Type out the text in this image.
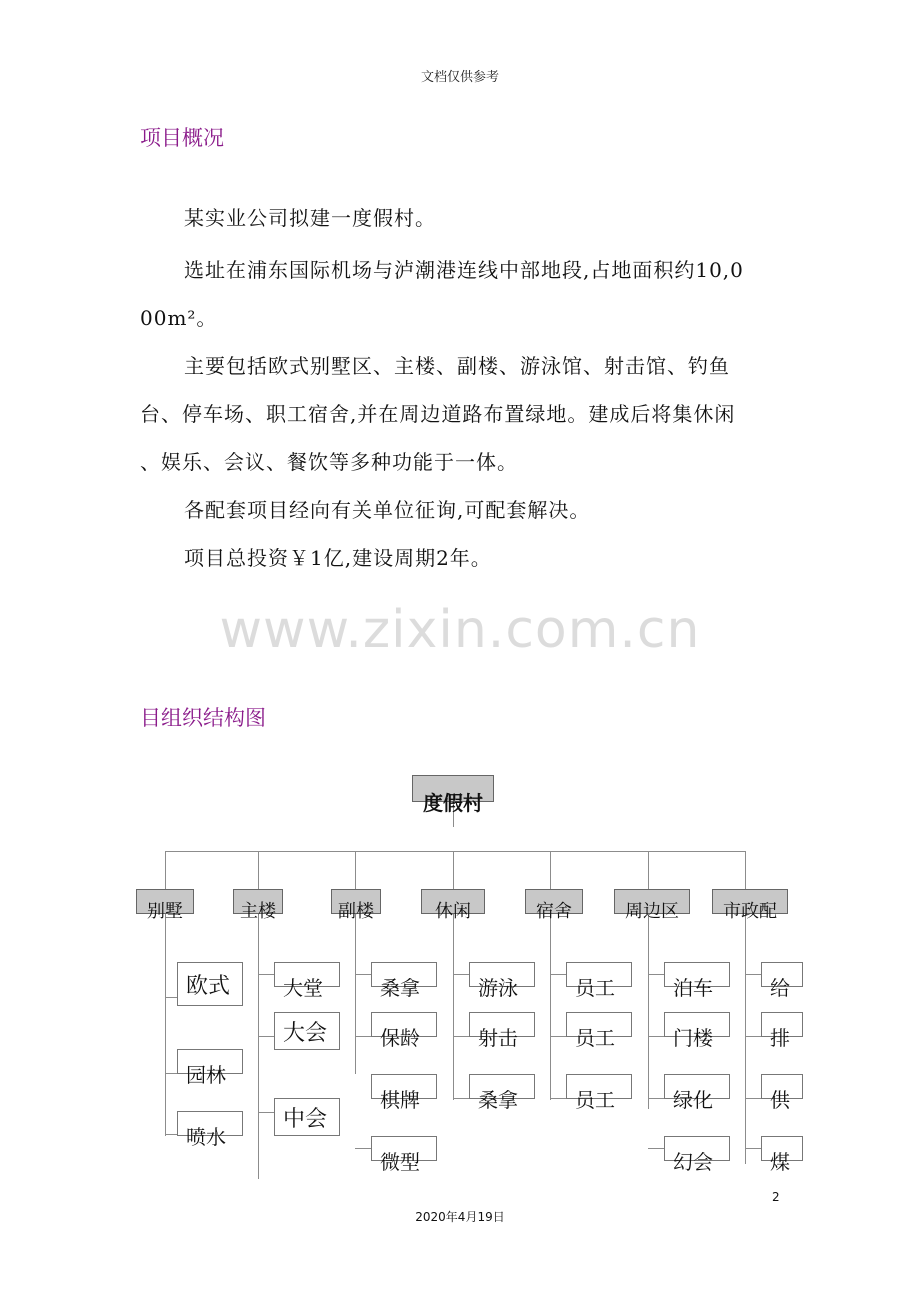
文档仅供参考
项目概况
某实业公司拟建一度假村。
选址在浦东国际机场与泸潮港连线中部地段,占地面积约10,0
00m²。
主要包括欧式别墅区、主楼、副楼、游泳馆、射击馆、钓鱼
台、停车场、职工宿舍,并在周边道路布置绿地。建成后将集休闲
、娱乐、会议、餐饮等多种功能于一体。
各配套项目经向有关单位征询,可配套解决。
项目总投资￥1亿,建设周期2年。
www.zixin.com.cn
目组织结构图
度假村
别墅	主楼	副楼	休闲	宿舍	周边区	市政配
欧式
园林
喷水
大堂
大会
中会
桑拿
保龄
棋牌
微型
游泳
射击
桑拿
员工
员工
员工
泊车
门楼
绿化
幻会
给
排
供
煤
2
2020年4月19日
